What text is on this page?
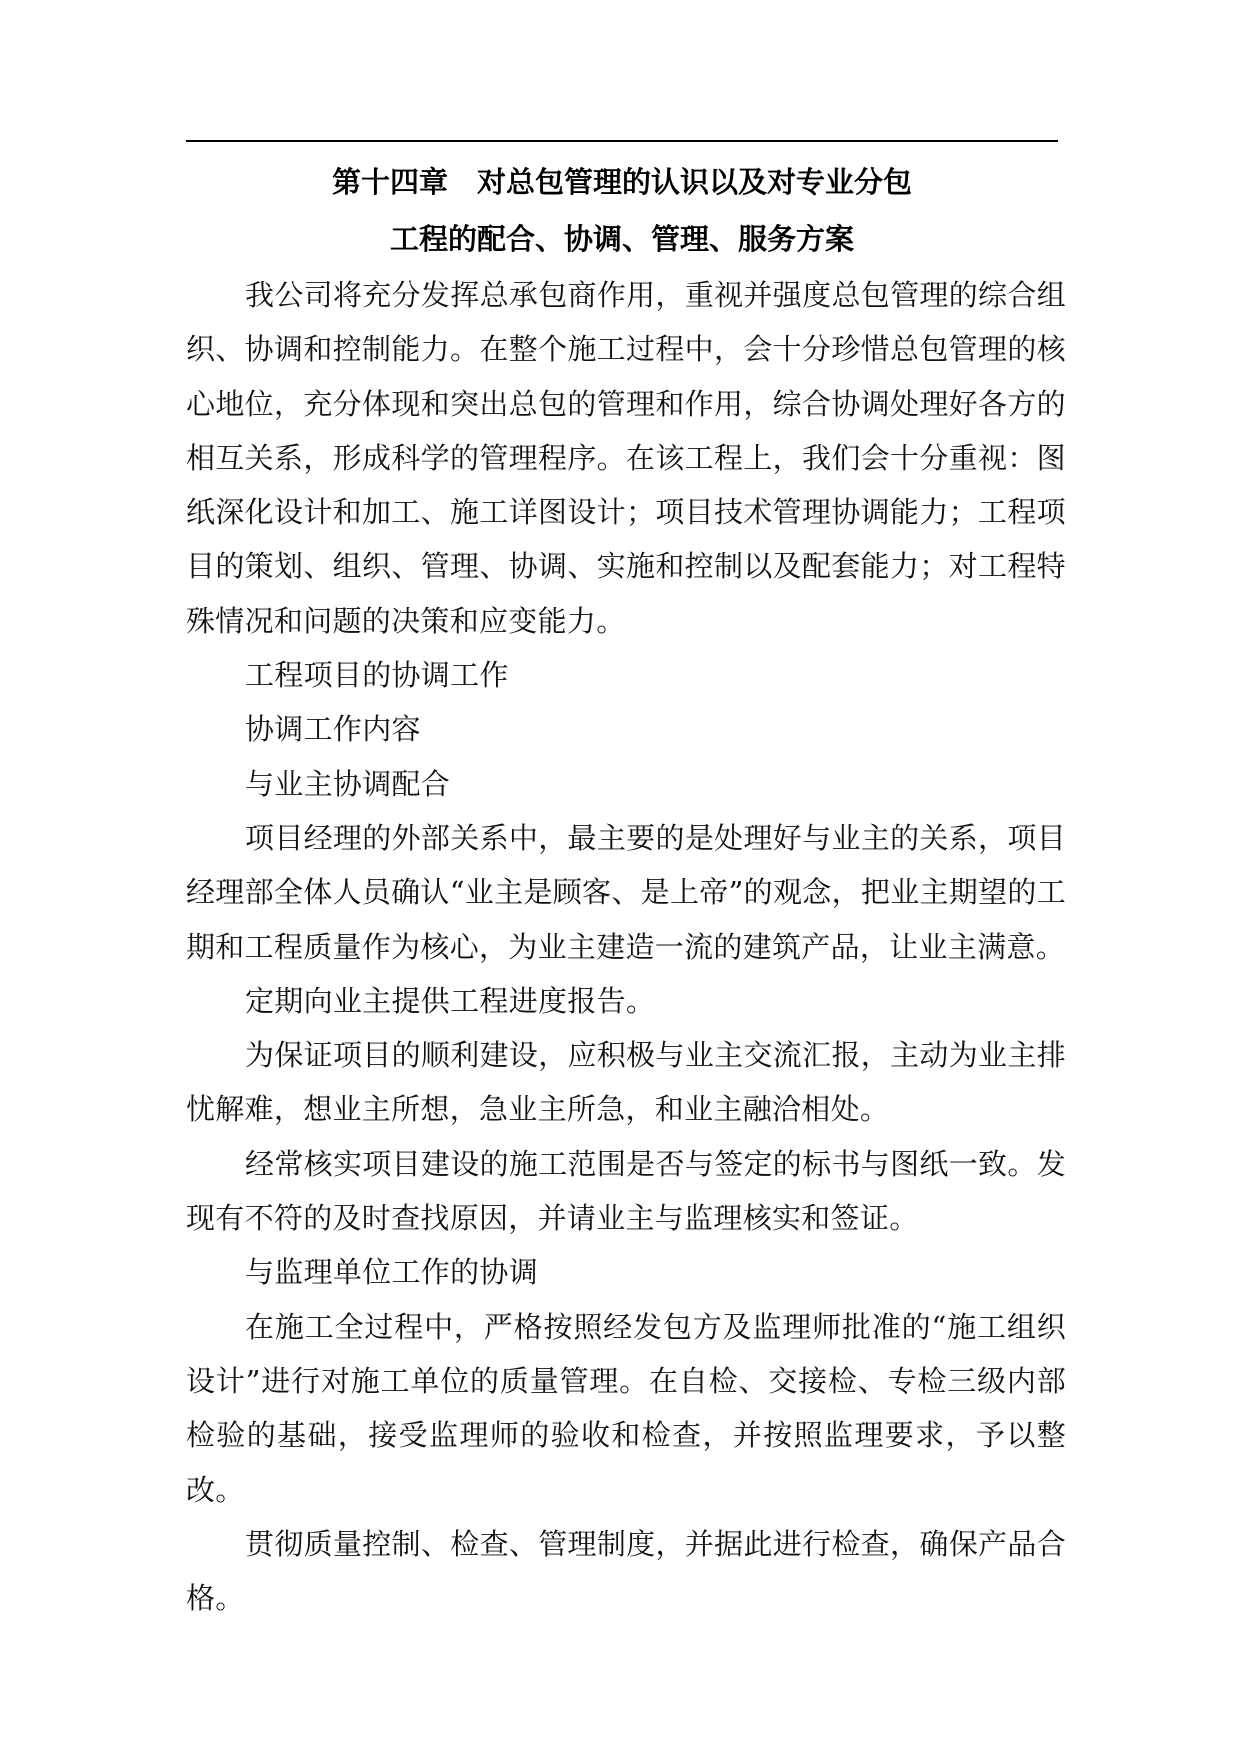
第十四章　对总包管理的认识以及对专业分包
工程的配合、协调、管理、服务方案

我公司将充分发挥总承包商作用，重视并强度总包管理的综合组织、协调和控制能力。在整个施工过程中，会十分珍惜总包管理的核心地位，充分体现和突出总包的管理和作用，综合协调处理好各方的相互关系，形成科学的管理程序。在该工程上，我们会十分重视：图纸深化设计和加工、施工详图设计；项目技术管理协调能力；工程项目的策划、组织、管理、协调、实施和控制以及配套能力；对工程特殊情况和问题的决策和应变能力。

工程项目的协调工作

协调工作内容

与业主协调配合

项目经理的外部关系中，最主要的是处理好与业主的关系，项目经理部全体人员确认“业主是顾客、是上帝”的观念，把业主期望的工期和工程质量作为核心，为业主建造一流的建筑产品，让业主满意。

定期向业主提供工程进度报告。

为保证项目的顺利建设，应积极与业主交流汇报，主动为业主排忧解难，想业主所想，急业主所急，和业主融洽相处。

经常核实项目建设的施工范围是否与签定的标书与图纸一致。发现有不符的及时查找原因，并请业主与监理核实和签证。

与监理单位工作的协调

在施工全过程中，严格按照经发包方及监理师批准的“施工组织设计”进行对施工单位的质量管理。在自检、交接检、专检三级内部检验的基础，接受监理师的验收和检查，并按照监理要求，予以整改。

贯彻质量控制、检查、管理制度，并据此进行检查，确保产品合格。
